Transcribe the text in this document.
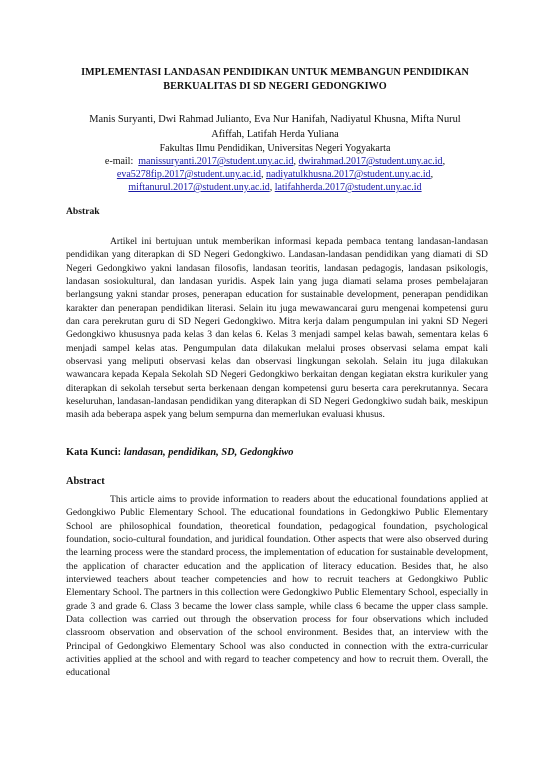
IMPLEMENTASI LANDASAN PENDIDIKAN UNTUK MEMBANGUN PENDIDIKAN
BERKUALITAS DI SD NEGERI GEDONGKIWO
Manis Suryanti, Dwi Rahmad Julianto, Eva Nur Hanifah, Nadiyatul Khusna, Mifta Nurul
Afiffah, Latifah Herda Yuliana
Fakultas Ilmu Pendidikan, Universitas Negeri Yogyakarta
e-mail: manissuryanti.2017@student.uny.ac.id, dwirahmad.2017@student.uny.ac.id,
eva5278fip.2017@student.uny.ac.id, nadiyatulkhusna.2017@student.uny.ac.id,
miftanurul.2017@student.uny.ac.id, latifahherda.2017@student.uny.ac.id
Abstrak
Artikel ini bertujuan untuk memberikan informasi kepada pembaca tentang landasan-landasan pendidikan yang diterapkan di SD Negeri Gedongkiwo. Landasan-landasan pendidikan yang diamati di SD Negeri Gedongkiwo yakni landasan filosofis, landasan teoritis, landasan pedagogis, landasan psikologis, landasan sosiokultural, dan landasan yuridis. Aspek lain yang juga diamati selama proses pembelajaran berlangsung yakni standar proses, penerapan education for sustainable development, penerapan pendidikan karakter dan penerapan pendidikan literasi. Selain itu juga mewawancarai guru mengenai kompetensi guru dan cara perekrutan guru di SD Negeri Gedongkiwo. Mitra kerja dalam pengumpulan ini yakni SD Negeri Gedongkiwo khususnya pada kelas 3 dan kelas 6. Kelas 3 menjadi sampel kelas bawah, sementara kelas 6 menjadi sampel kelas atas. Pengumpulan data dilakukan melalui proses observasi selama empat kali observasi yang meliputi observasi kelas dan observasi lingkungan sekolah. Selain itu juga dilakukan wawancara kepada Kepala Sekolah SD Negeri Gedongkiwo berkaitan dengan kegiatan ekstra kurikuler yang diterapkan di sekolah tersebut serta berkenaan dengan kompetensi guru beserta cara perekrutannya. Secara keseluruhan, landasan-landasan pendidikan yang diterapkan di SD Negeri Gedongkiwo sudah baik, meskipun masih ada beberapa aspek yang belum sempurna dan memerlukan evaluasi khusus.
Kata Kunci: landasan, pendidikan, SD, Gedongkiwo
Abstract
This article aims to provide information to readers about the educational foundations applied at Gedongkiwo Public Elementary School. The educational foundations in Gedongkiwo Public Elementary School are philosophical foundation, theoretical foundation, pedagogical foundation, psychological foundation, socio-cultural foundation, and juridical foundation. Other aspects that were also observed during the learning process were the standard process, the implementation of education for sustainable development, the application of character education and the application of literacy education. Besides that, he also interviewed teachers about teacher competencies and how to recruit teachers at Gedongkiwo Public Elementary School. The partners in this collection were Gedongkiwo Public Elementary School, especially in grade 3 and grade 6. Class 3 became the lower class sample, while class 6 became the upper class sample. Data collection was carried out through the observation process for four observations which included classroom observation and observation of the school environment. Besides that, an interview with the Principal of Gedongkiwo Elementary School was also conducted in connection with the extra-curricular activities applied at the school and with regard to teacher competency and how to recruit them. Overall, the educational
